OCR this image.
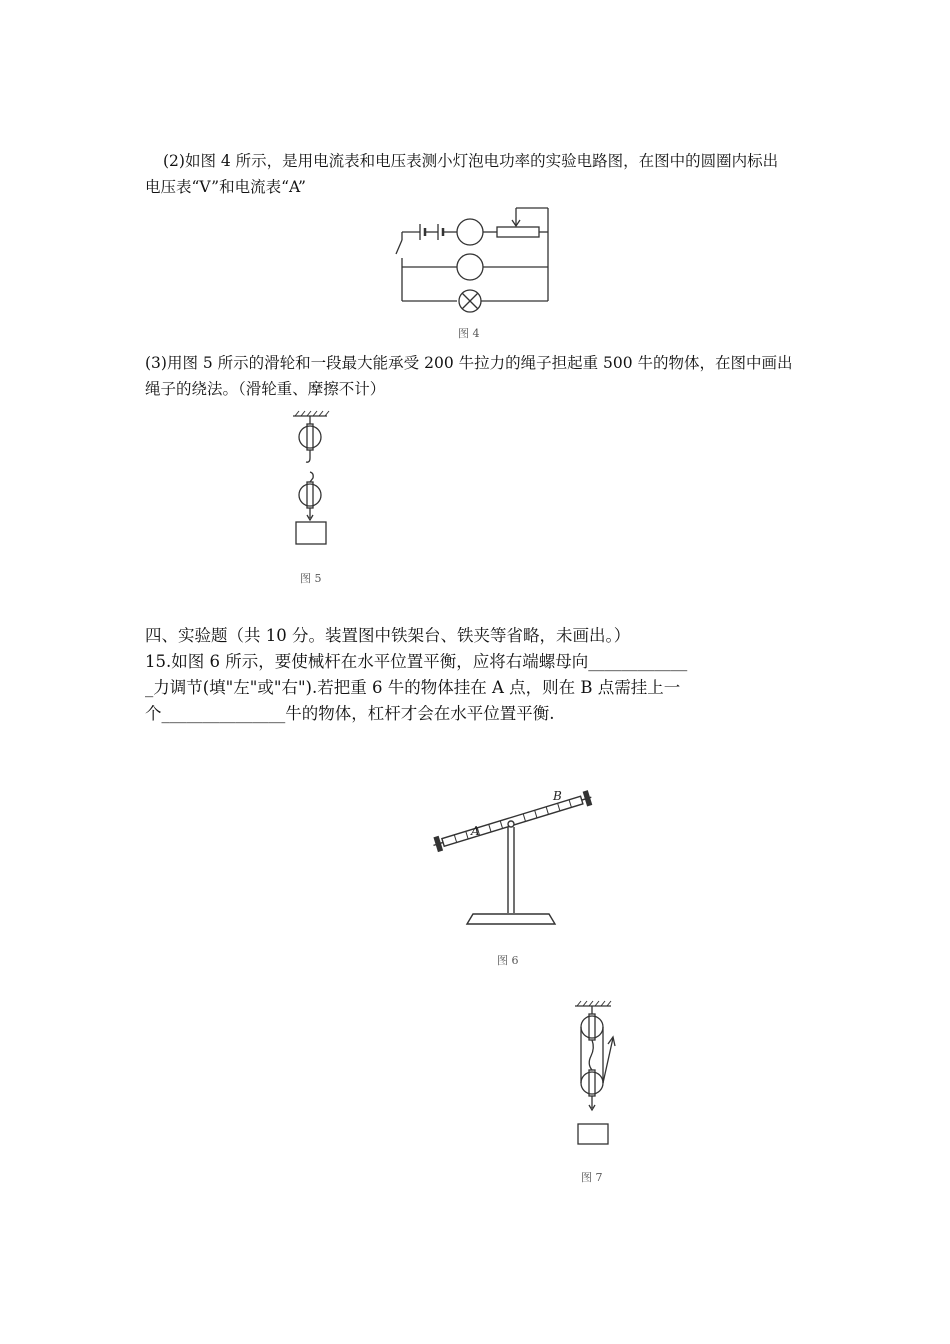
(2)如图 4 所示，是用电流表和电压表测小灯泡电功率的实验电路图，在图中的圆圈内标出
电压表“V”和电流表“A”
图 4
(3)用图 5 所示的滑轮和一段最大能承受 200 牛拉力的绳子担起重 500 牛的物体，在图中画出
绳子的绕法。（滑轮重、摩擦不计）
图 5
四、实验题（共 10 分。装置图中铁架台、铁夹等省略，未画出。）
15.如图 6 所示，要使械杆在水平位置平衡，应将右端螺母向____________
_力调节(填"左"或"右").若把重 6 牛的物体挂在 A 点，则在 B 点需挂上一
个_______________牛的物体，杠杆才会在水平位置平衡.
A
B
图 6
图 7
